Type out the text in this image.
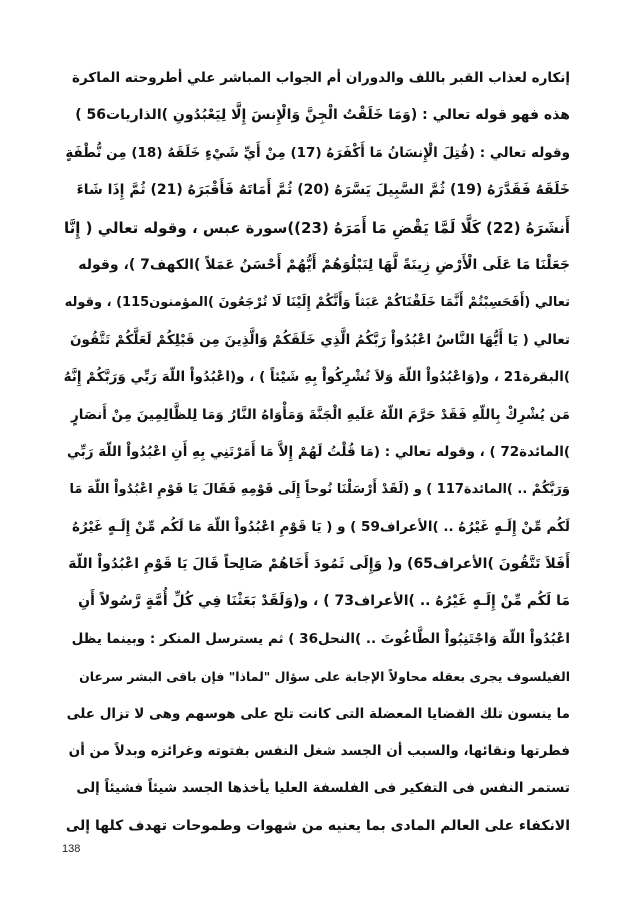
إنكاره لعذاب القبر باللف والدوران أم الجواب المباشر علي أطروحته الماكرة
هذه فهو قوله تعالي : (وَمَا خَلَقْتُ الْجِنَّ وَالْإِنسَ إِلَّا لِيَعْبُدُونِ )الذاريات56 )
وقوله تعالي : (قُتِلَ الْإِنسَانُ مَا أَكْفَرَهُ (17) مِنْ أَيِّ شَيْءٍ خَلَقَهُ (18) مِن نُّطْفَةٍ
خَلَقَهُ فَقَدَّرَهُ (19) ثُمَّ السَّبِيلَ يَسَّرَهُ (20) ثُمَّ أَمَاتَهُ فَأَقْبَرَهُ (21) ثُمَّ إِذَا شَاءَ
أَنشَرَهُ (22) كَلَّا لَمَّا يَقْضِ مَا أَمَرَهُ (23))سورة عبس ، وقوله تعالي ( إِنَّا
جَعَلْنَا مَا عَلَى الْأَرْضِ زِينَةً لَّهَا لِنَبْلُوَهُمْ أَيُّهُمْ أَحْسَنُ عَمَلاً )الكهف7 )، وقوله
تعالي (أَفَحَسِبْتُمْ أَنَّمَا خَلَقْنَاكُمْ عَبَثاً وَأَنَّكُمْ إِلَيْنَا لَا تُرْجَعُونَ )المؤمنون115) ، وقوله
تعالي ( يَا أَيُّهَا النَّاسُ اعْبُدُواْ رَبَّكُمُ الَّذِي خَلَقَكُمْ وَالَّذِينَ مِن قَبْلِكُمْ لَعَلَّكُمْ تَتَّقُونَ
)البقرة21 ، و(وَاعْبُدُواْ اللّهَ وَلاَ تُشْرِكُواْ بِهِ شَيْئاً ) ، و(اعْبُدُواْ اللّهَ رَبِّي وَرَبَّكُمْ إِنَّهُ
مَن يُشْرِكْ بِاللّهِ فَقَدْ حَرَّمَ اللّهُ عَلَيهِ الْجَنَّةَ وَمَأْوَاهُ النَّارُ وَمَا لِلظَّالِمِينَ مِنْ أَنصَارٍ
)المائدة72 ) ، وقوله تعالي : (مَا قُلْتُ لَهُمْ إِلاَّ مَا أَمَرْتَنِي بِهِ أَنِ اعْبُدُواْ اللّهَ رَبِّي
وَرَبَّكُمْ .. )المائدة117 ) و (لَقَدْ أَرْسَلْنَا نُوحاً إِلَى قَوْمِهِ فَقَالَ يَا قَوْمِ اعْبُدُواْ اللّهَ مَا
لَكُم مِّنْ إِلَـهٍ غَيْرُهُ .. )الأعراف59 ) و ( يَا قَوْمِ اعْبُدُواْ اللّهَ مَا لَكُم مِّنْ إِلَـهٍ غَيْرُهُ
أَفَلاَ تَتَّقُونَ )الأعراف65) و( وَإِلَى ثَمُودَ أَخَاهُمْ صَالِحاً قَالَ يَا قَوْمِ اعْبُدُواْ اللّهَ
مَا لَكُم مِّنْ إِلَـهٍ غَيْرُهُ .. )الأعراف73 ) ، و(وَلَقَدْ بَعَثْنَا فِي كُلِّ أُمَّةٍ رَّسُولاً أَنِ
اعْبُدُواْ اللّهَ وَاجْتَنِبُواْ الطَّاغُوتَ .. )النحل36 ) ثم يسترسل المنكر : وبينما يظل
الفيلسوف يجرى بعقله محاولاً الإجابة على سؤال "لماذا" فإن باقى البشر سرعان
ما ينسون تلك القضايا المعضلة التى كانت تلح على هوسهم وهى لا تزال على
فطرتها ونقائها، والسبب أن الجسد شغل النفس بفتوته وغرائزه وبدلاً من أن
تستمر النفس فى التفكير فى الفلسفة العليا يأخذها الجسد شيئاً فشيئاً إلى
الانكفاء على العالم المادى بما يعنيه من شهوات وطموحات تهدف كلها إلى
138
